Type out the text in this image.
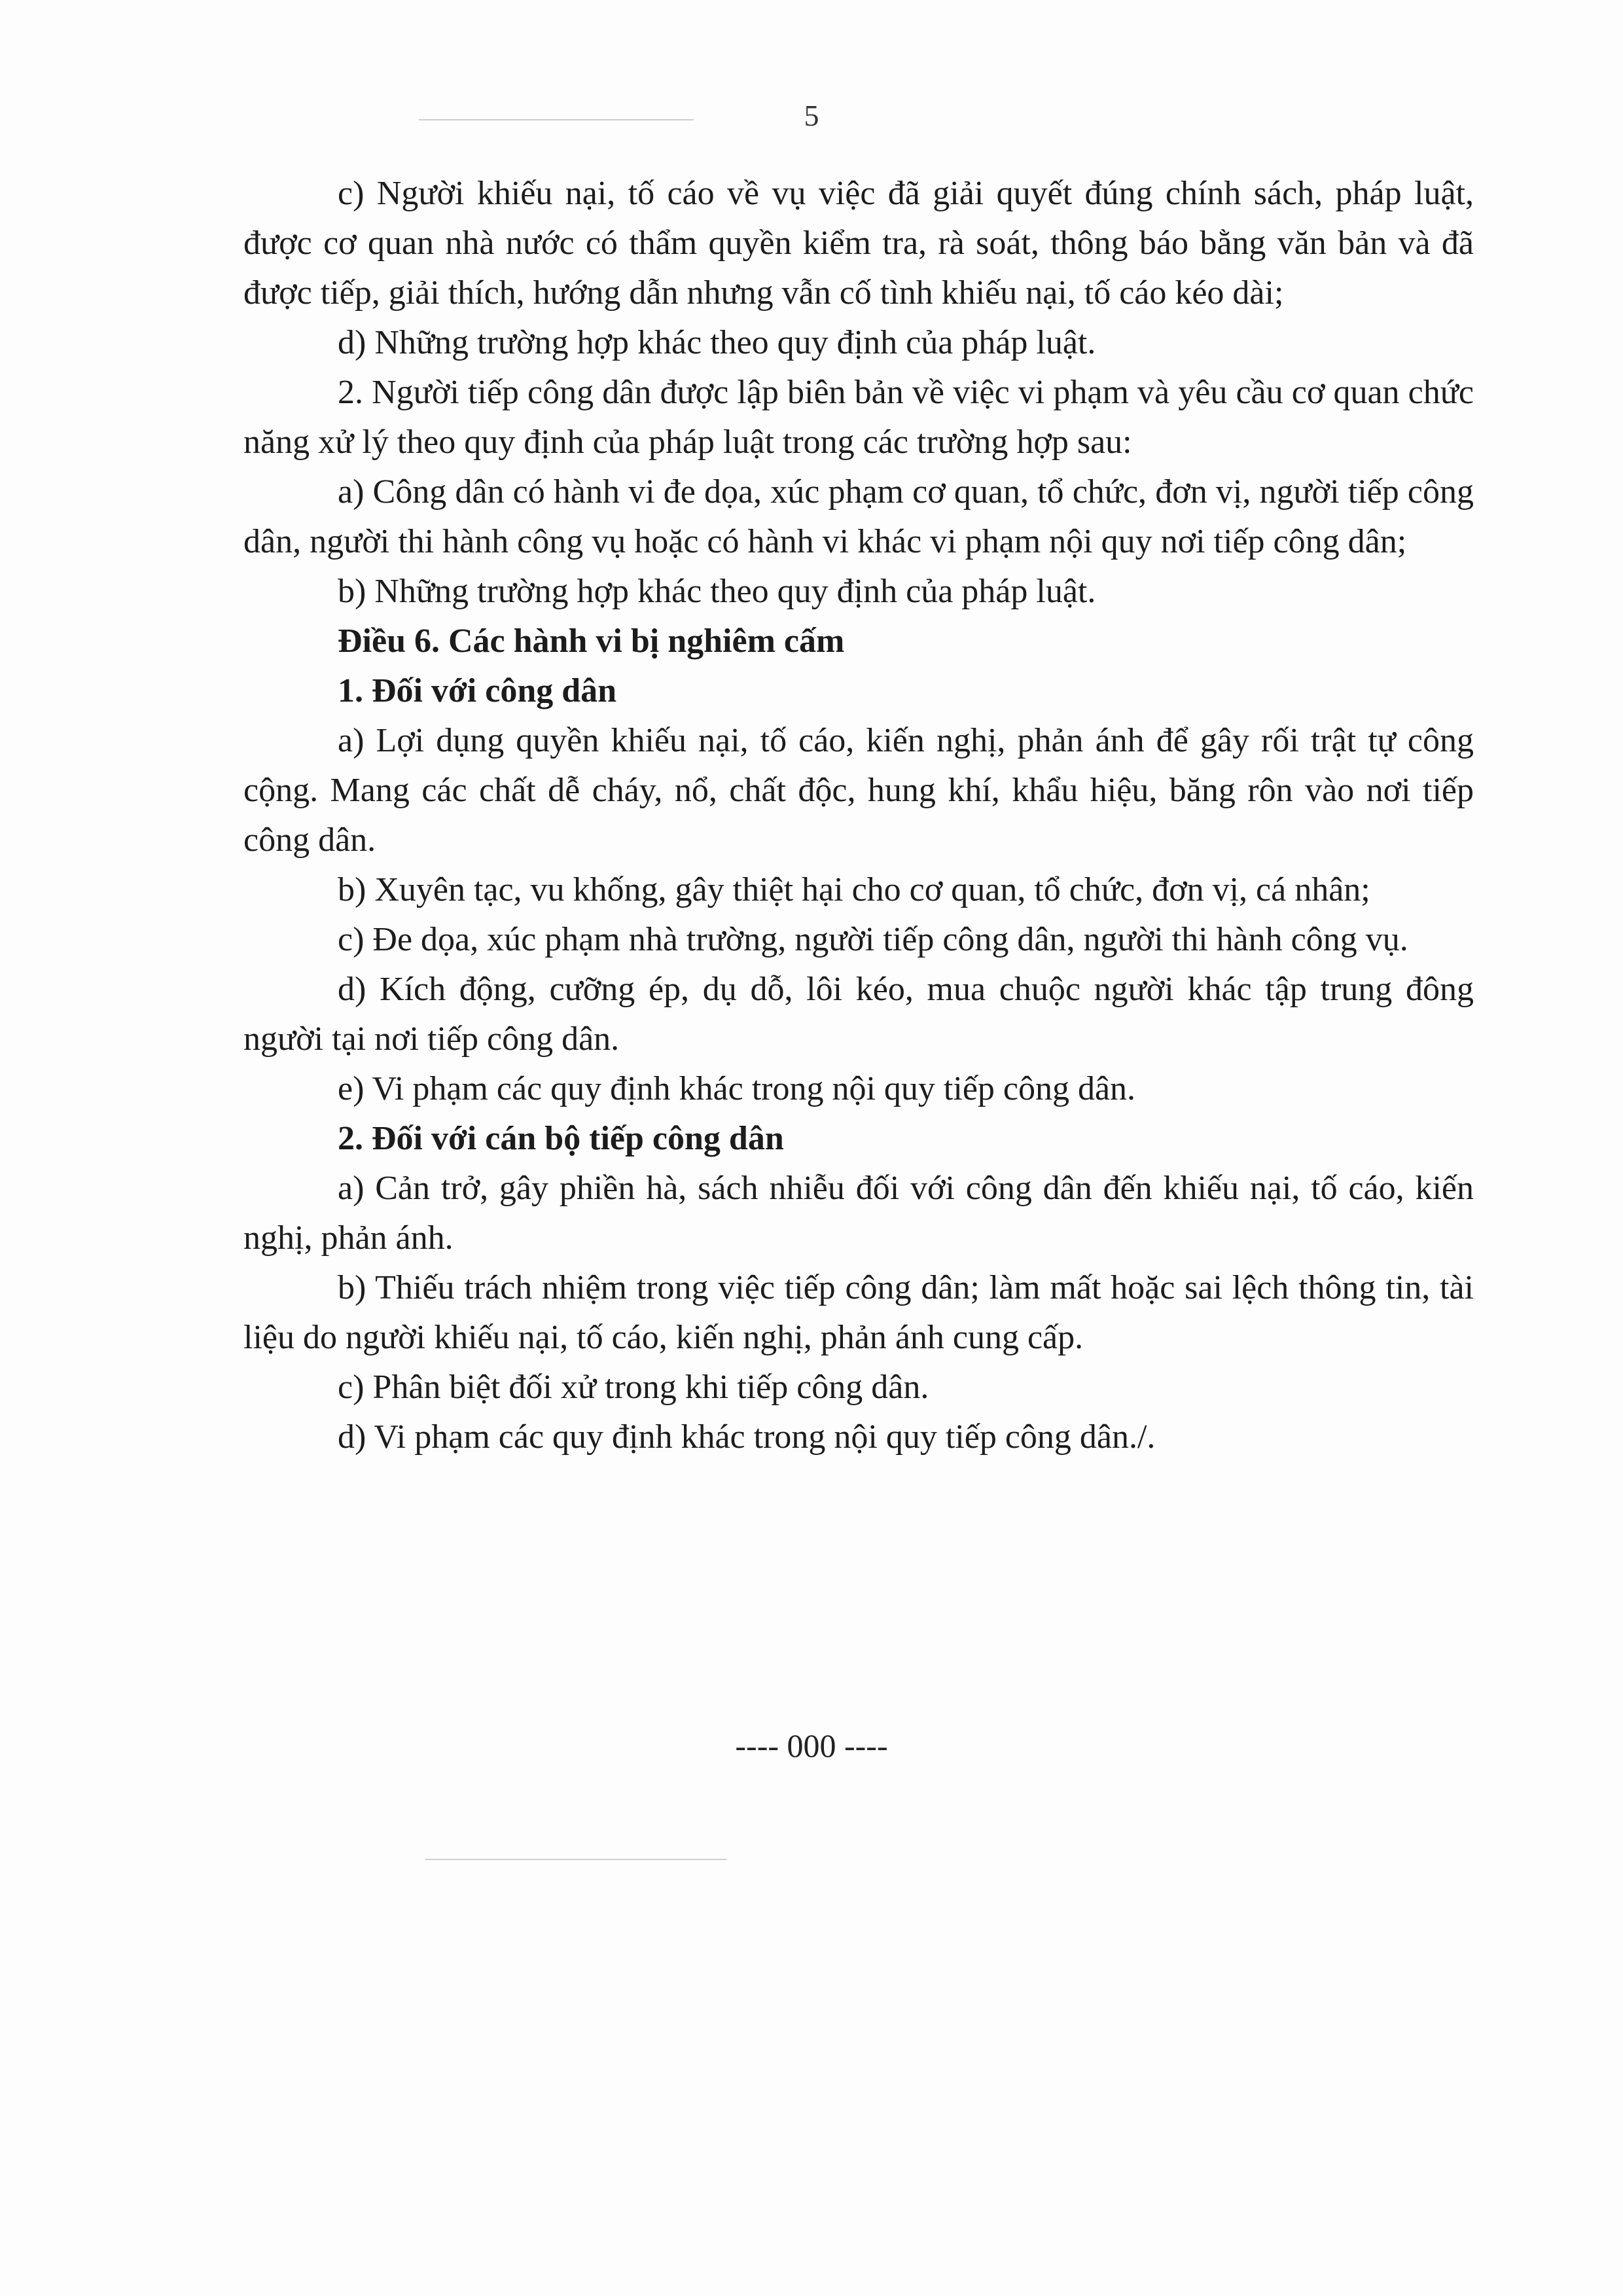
5

c) Người khiếu nại, tố cáo về vụ việc đã giải quyết đúng chính sách, pháp luật, được cơ quan nhà nước có thẩm quyền kiểm tra, rà soát, thông báo bằng văn bản và đã được tiếp, giải thích, hướng dẫn nhưng vẫn cố tình khiếu nại, tố cáo kéo dài;

d) Những trường hợp khác theo quy định của pháp luật.

2. Người tiếp công dân được lập biên bản về việc vi phạm và yêu cầu cơ quan chức năng xử lý theo quy định của pháp luật trong các trường hợp sau:

a) Công dân có hành vi đe dọa, xúc phạm cơ quan, tổ chức, đơn vị, người tiếp công dân, người thi hành công vụ hoặc có hành vi khác vi phạm nội quy nơi tiếp công dân;

b) Những trường hợp khác theo quy định của pháp luật.

Điều 6. Các hành vi bị nghiêm cấm

1. Đối với công dân

a) Lợi dụng quyền khiếu nại, tố cáo, kiến nghị, phản ánh để gây rối trật tự công cộng. Mang các chất dễ cháy, nổ, chất độc, hung khí, khẩu hiệu, băng rôn vào nơi tiếp công dân.

b) Xuyên tạc, vu khống, gây thiệt hại cho cơ quan, tổ chức, đơn vị, cá nhân;

c) Đe dọa, xúc phạm nhà trường, người tiếp công dân, người thi hành công vụ.

d) Kích động, cưỡng ép, dụ dỗ, lôi kéo, mua chuộc người khác tập trung đông người tại nơi tiếp công dân.

e) Vi phạm các quy định khác trong nội quy tiếp công dân.

2. Đối với cán bộ tiếp công dân

a) Cản trở, gây phiền hà, sách nhiễu đối với công dân đến khiếu nại, tố cáo, kiến nghị, phản ánh.

b) Thiếu trách nhiệm trong việc tiếp công dân; làm mất hoặc sai lệch thông tin, tài liệu do người khiếu nại, tố cáo, kiến nghị, phản ánh cung cấp.

c) Phân biệt đối xử trong khi tiếp công dân.

d) Vi phạm các quy định khác trong nội quy tiếp công dân./.

---- 000 ----
